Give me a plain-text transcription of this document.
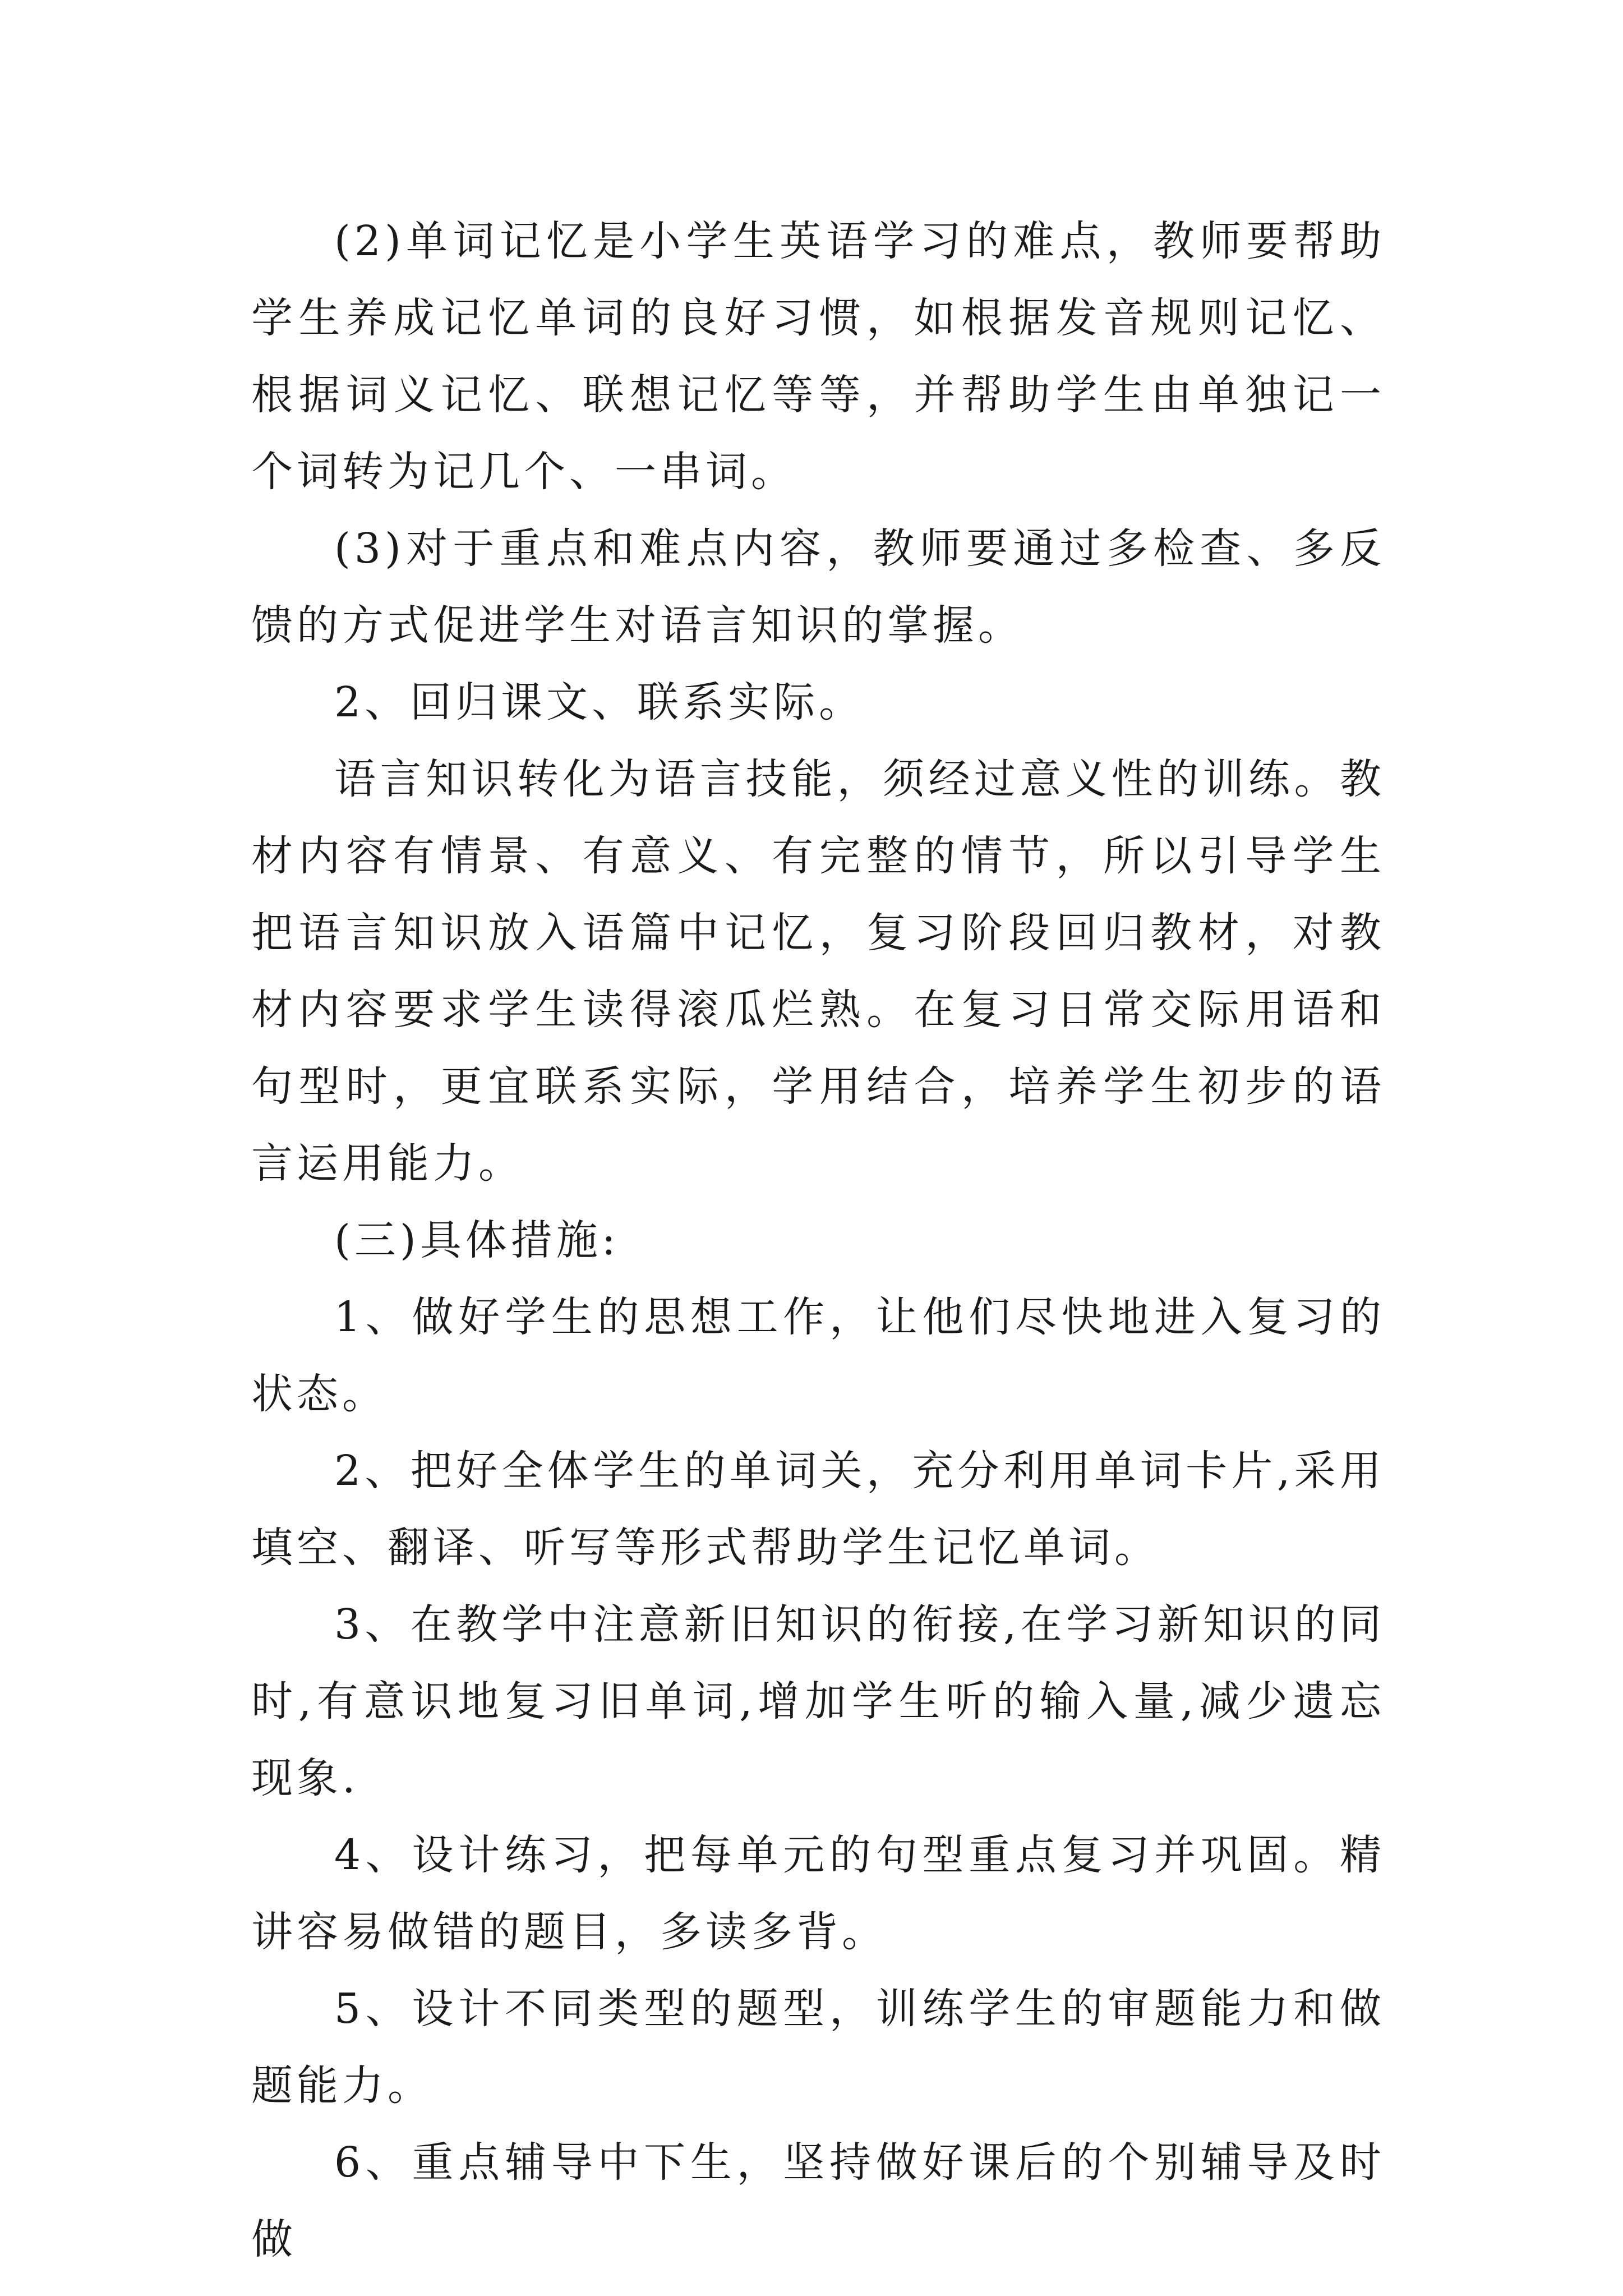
(2)单词记忆是小学生英语学习的难点，教师要帮助学生养成记忆单词的良好习惯，如根据发音规则记忆、根据词义记忆、联想记忆等等，并帮助学生由单独记一个词转为记几个、一串词。

(3)对于重点和难点内容，教师要通过多检查、多反馈的方式促进学生对语言知识的掌握。

2、回归课文、联系实际。

语言知识转化为语言技能，须经过意义性的训练。教材内容有情景、有意义、有完整的情节，所以引导学生把语言知识放入语篇中记忆，复习阶段回归教材，对教材内容要求学生读得滚瓜烂熟。在复习日常交际用语和句型时，更宜联系实际，学用结合，培养学生初步的语言运用能力。

(三)具体措施:

1、做好学生的思想工作，让他们尽快地进入复习的状态。

2、把好全体学生的单词关，充分利用单词卡片,采用填空、翻译、听写等形式帮助学生记忆单词。

3、在教学中注意新旧知识的衔接,在学习新知识的同时,有意识地复习旧单词,增加学生听的输入量,减少遗忘现象.

4、设计练习，把每单元的句型重点复习并巩固。精讲容易做错的题目，多读多背。

5、设计不同类型的题型，训练学生的审题能力和做题能力。

6、重点辅导中下生，坚持做好课后的个别辅导及时做
